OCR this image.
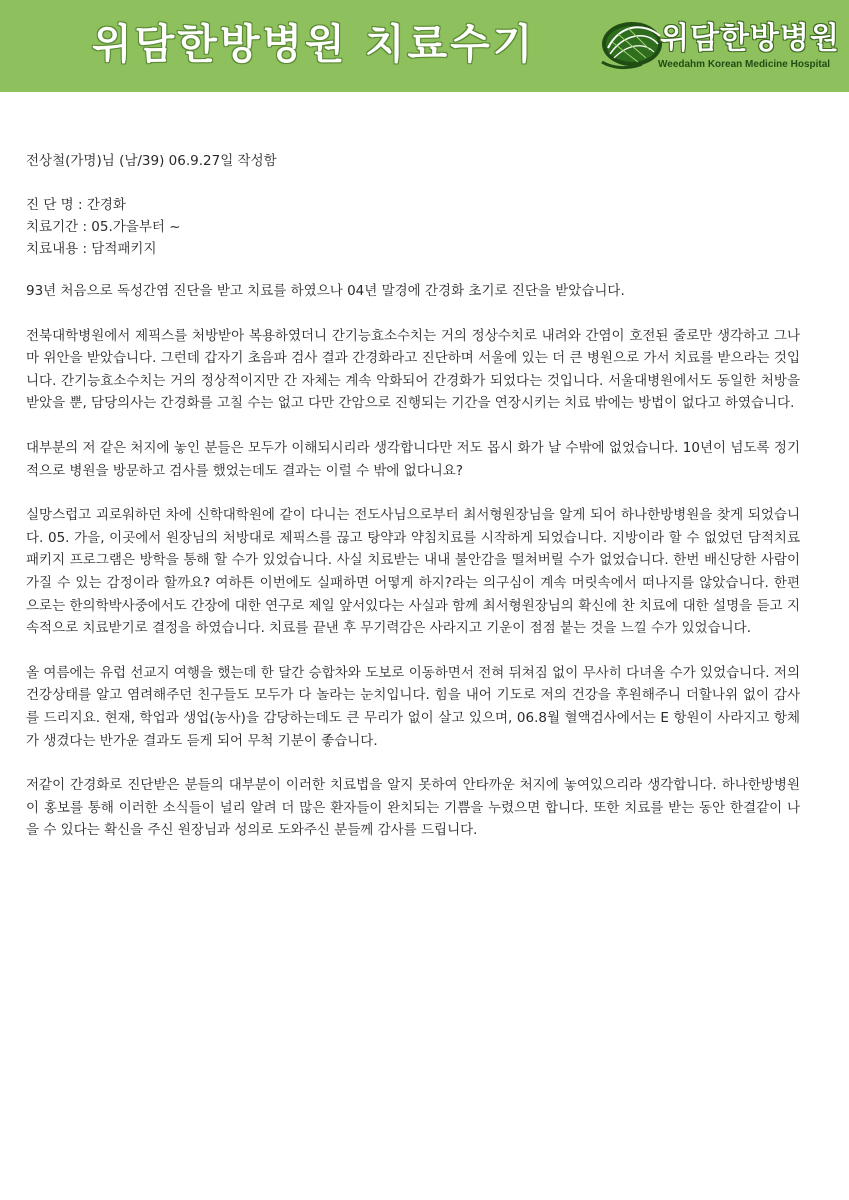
위담한방병원 치료수기	위담한방병원
Weedahm Korean Medicine Hospital

전상철(가명)님 (남/39) 06.9.27일 작성함

진 단 명 : 간경화

치료기간 : 05.가을부터 ~

치료내용 : 담적패키지

93년 처음으로 독성간염 진단을 받고 치료를 하였으나 04년 말경에 간경화 초기로 진단을 받았습니다.

전북대학병원에서 제픽스를 처방받아 복용하였더니 간기능효소수치는 거의 정상수치로 내려와 간염이 호전된 줄로만 생각하고 그나마 위안을 받았습니다. 그런데 갑자기 초음파 검사 결과 간경화라고 진단하며 서울에 있는 더 큰 병원으로 가서 치료를 받으라는 것입니다. 간기능효소수치는 거의 정상적이지만 간 자체는 계속 악화되어 간경화가 되었다는 것입니다. 서울대병원에서도 동일한 처방을 받았을 뿐, 담당의사는 간경화를 고칠 수는 없고 다만 간암으로 진행되는 기간을 연장시키는 치료 밖에는 방법이 없다고 하였습니다.

대부분의 저 같은 처지에 놓인 분들은 모두가 이해되시리라 생각합니다만 저도 몹시 화가 날 수밖에 없었습니다. 10년이 넘도록 정기적으로 병원을 방문하고 검사를 했었는데도 결과는 이럴 수 밖에 없다니요?

실망스럽고 괴로워하던 차에 신학대학원에 같이 다니는 전도사님으로부터 최서형원장님을 알게 되어 하나한방병원을 찾게 되었습니다. 05. 가을, 이곳에서 원장님의 처방대로 제픽스를 끊고 탕약과 약침치료를 시작하게 되었습니다. 지방이라 할 수 없었던 담적치료 패키지 프로그램은 방학을 통해 할 수가 있었습니다. 사실 치료받는 내내 불안감을 떨쳐버릴 수가 없었습니다. 한번 배신당한 사람이 가질 수 있는 감정이라 할까요? 여하튼 이번에도 실패하면 어떻게 하지?라는 의구심이 계속 머릿속에서 떠나지를 않았습니다. 한편으로는 한의학박사중에서도 간장에 대한 연구로 제일 앞서있다는 사실과 함께 최서형원장님의 확신에 찬 치료에 대한 설명을 듣고 지속적으로 치료받기로 결정을 하였습니다. 치료를 끝낸 후 무기력감은 사라지고 기운이 점점 붙는 것을 느낄 수가 있었습니다.

올 여름에는 유럽 선교지 여행을 했는데 한 달간 승합차와 도보로 이동하면서 전혀 뒤쳐짐 없이 무사히 다녀올 수가 있었습니다. 저의 건강상태를 알고 염려해주던 친구들도 모두가 다 놀라는 눈치입니다. 힘을 내어 기도로 저의 건강을 후원해주니 더할나위 없이 감사를 드리지요. 현재, 학업과 생업(농사)을 감당하는데도 큰 무리가 없이 살고 있으며, 06.8월 혈액검사에서는 E 항원이 사라지고 항체가 생겼다는 반가운 결과도 듣게 되어 무척 기분이 좋습니다.

저같이 간경화로 진단받은 분들의 대부분이 이러한 치료법을 알지 못하여 안타까운 처지에 놓여있으리라 생각합니다. 하나한방병원이 홍보를 통해 이러한 소식들이 널리 알려 더 많은 환자들이 완치되는 기쁨을 누렸으면 합니다. 또한 치료를 받는 동안 한결같이 나을 수 있다는 확신을 주신 원장님과 성의로 도와주신 분들께 감사를 드립니다.
